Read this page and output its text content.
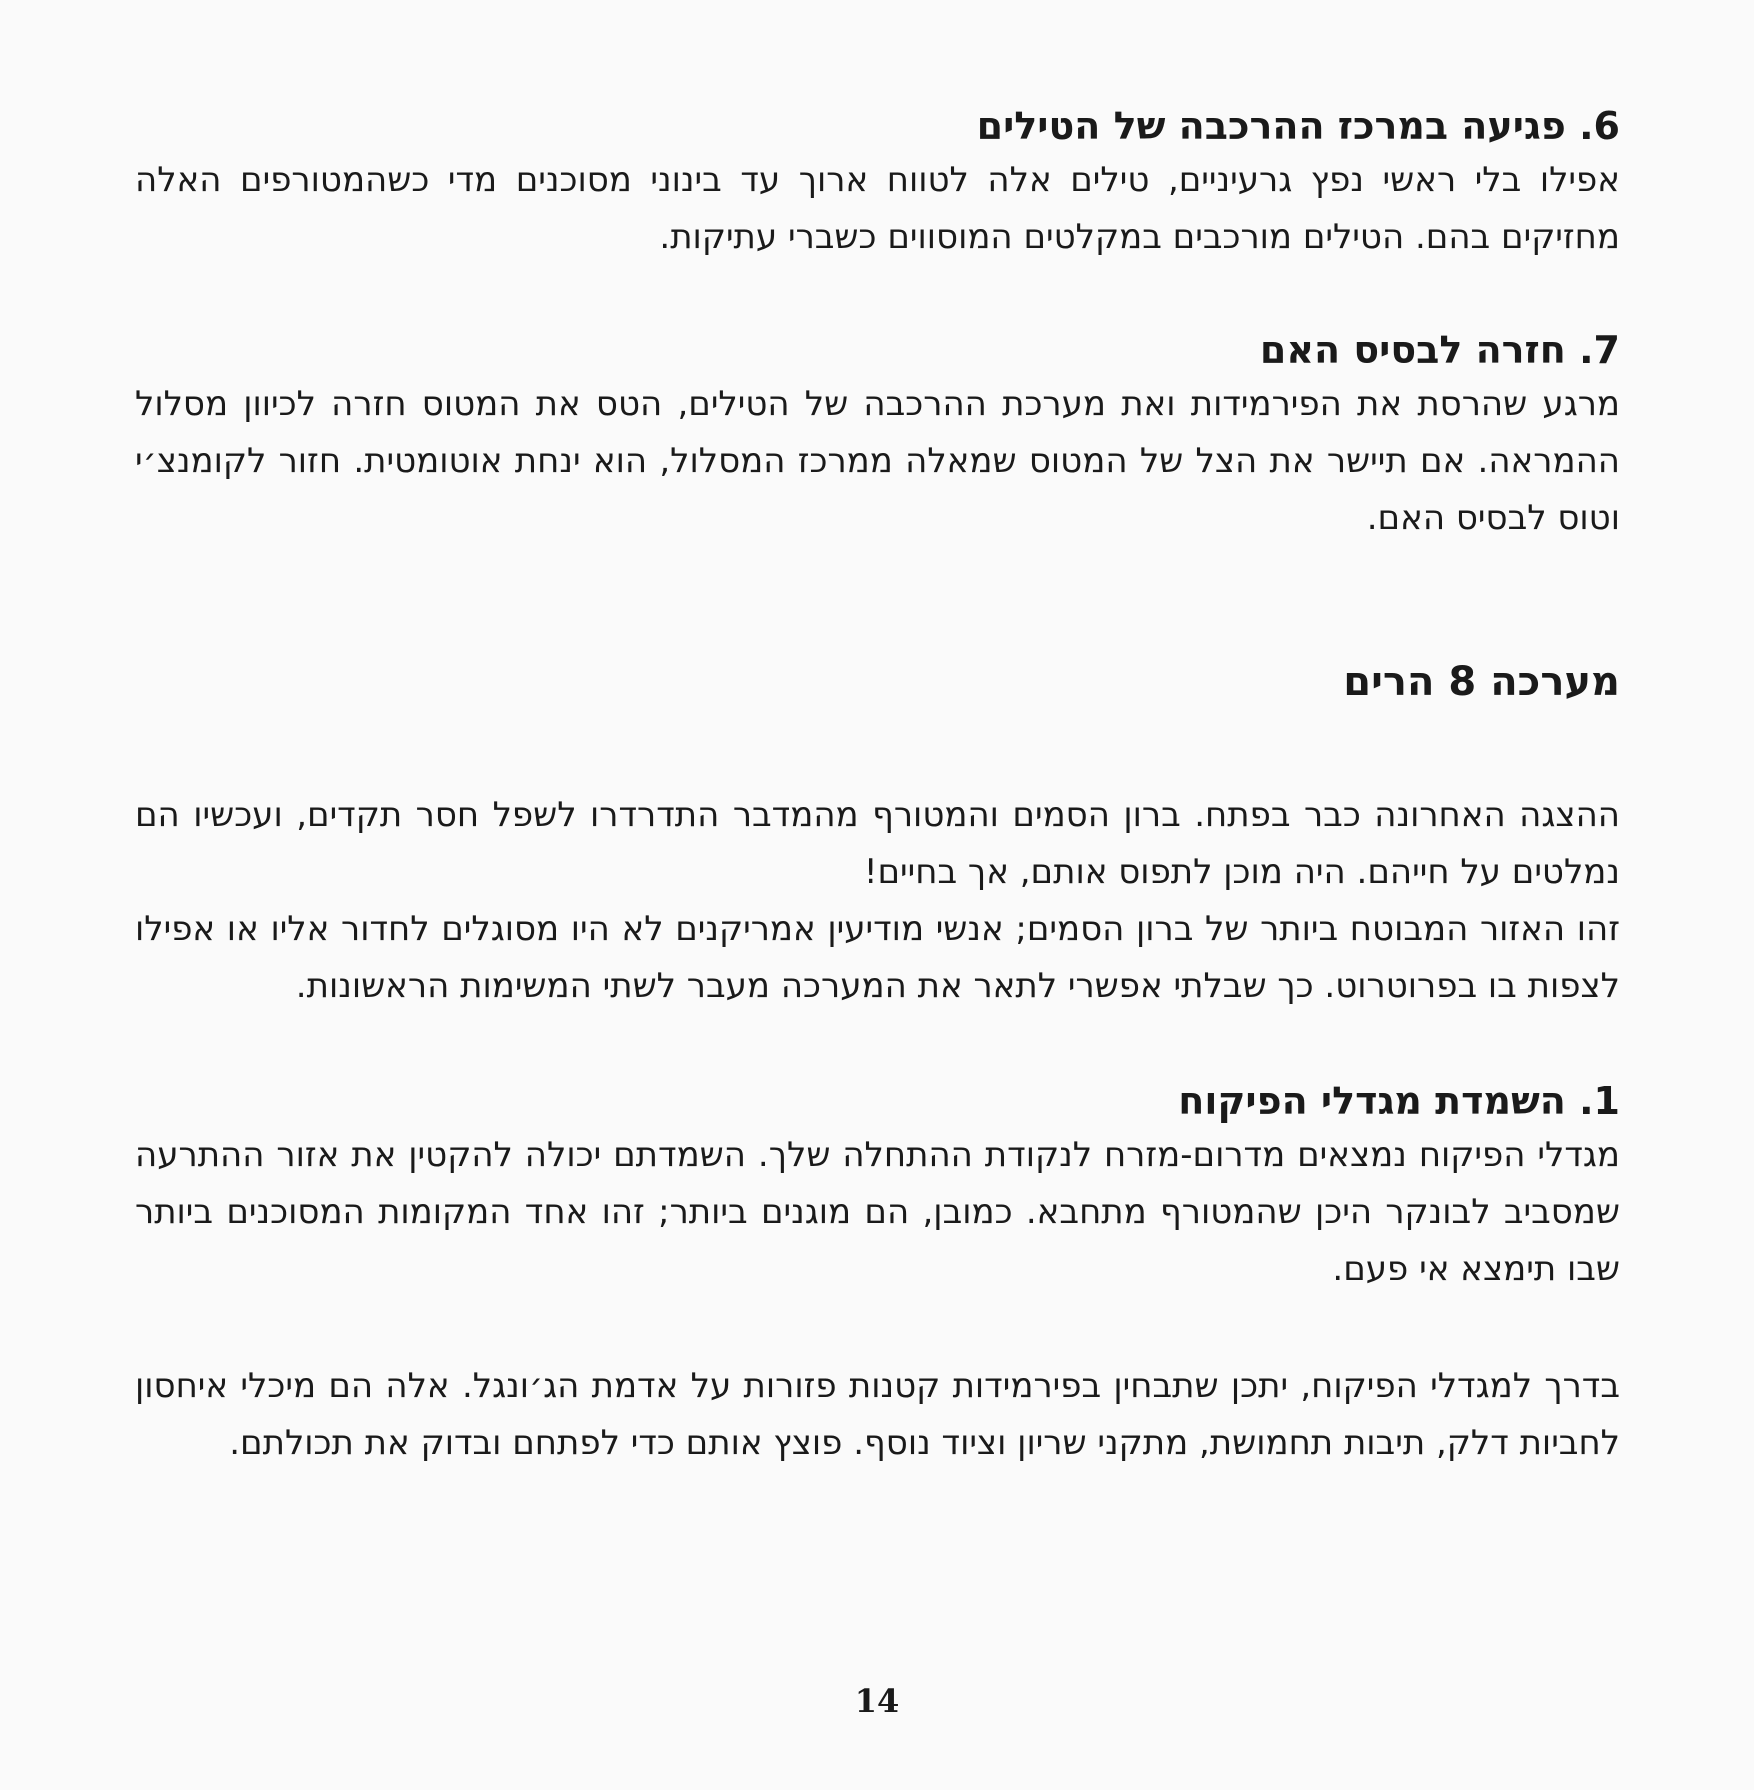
6. פגיעה במרכז ההרכבה של הטילים

אפילו בלי ראשי נפץ גרעיניים, טילים אלה לטווח ארוך עד בינוני מסוכנים מדי כשהמטורפים האלה מחזיקים בהם. הטילים מורכבים במקלטים המוסווים כשברי עתיקות.

7. חזרה לבסיס האם

מרגע שהרסת את הפירמידות ואת מערכת ההרכבה של הטילים, הטס את המטוס חזרה לכיוון מסלול ההמראה. אם תיישר את הצל של המטוס שמאלה ממרכז המסלול, הוא ינחת אוטומטית. חזור לקומנצ׳י וטוס לבסיס האם.

מערכה 8 הרים

ההצגה האחרונה כבר בפתח. ברון הסמים והמטורף מהמדבר התדרדרו לשפל חסר תקדים, ועכשיו הם נמלטים על חייהם. היה מוכן לתפוס אותם, אך בחיים!

זהו האזור המבוטח ביותר של ברון הסמים; אנשי מודיעין אמריקנים לא היו מסוגלים לחדור אליו או אפילו לצפות בו בפרוטרוט. כך שבלתי אפשרי לתאר את המערכה מעבר לשתי המשימות הראשונות.

1. השמדת מגדלי הפיקוח

מגדלי הפיקוח נמצאים מדרום-מזרח לנקודת ההתחלה שלך. השמדתם יכולה להקטין את אזור ההתרעה שמסביב לבונקר היכן שהמטורף מתחבא. כמובן, הם מוגנים ביותר; זהו אחד המקומות המסוכנים ביותר שבו תימצא אי פעם.

בדרך למגדלי הפיקוח, יתכן שתבחין בפירמידות קטנות פזורות על אדמת הג׳ונגל. אלה הם מיכלי איחסון לחביות דלק, תיבות תחמושת, מתקני שריון וציוד נוסף. פוצץ אותם כדי לפתחם ובדוק את תכולתם.

14
